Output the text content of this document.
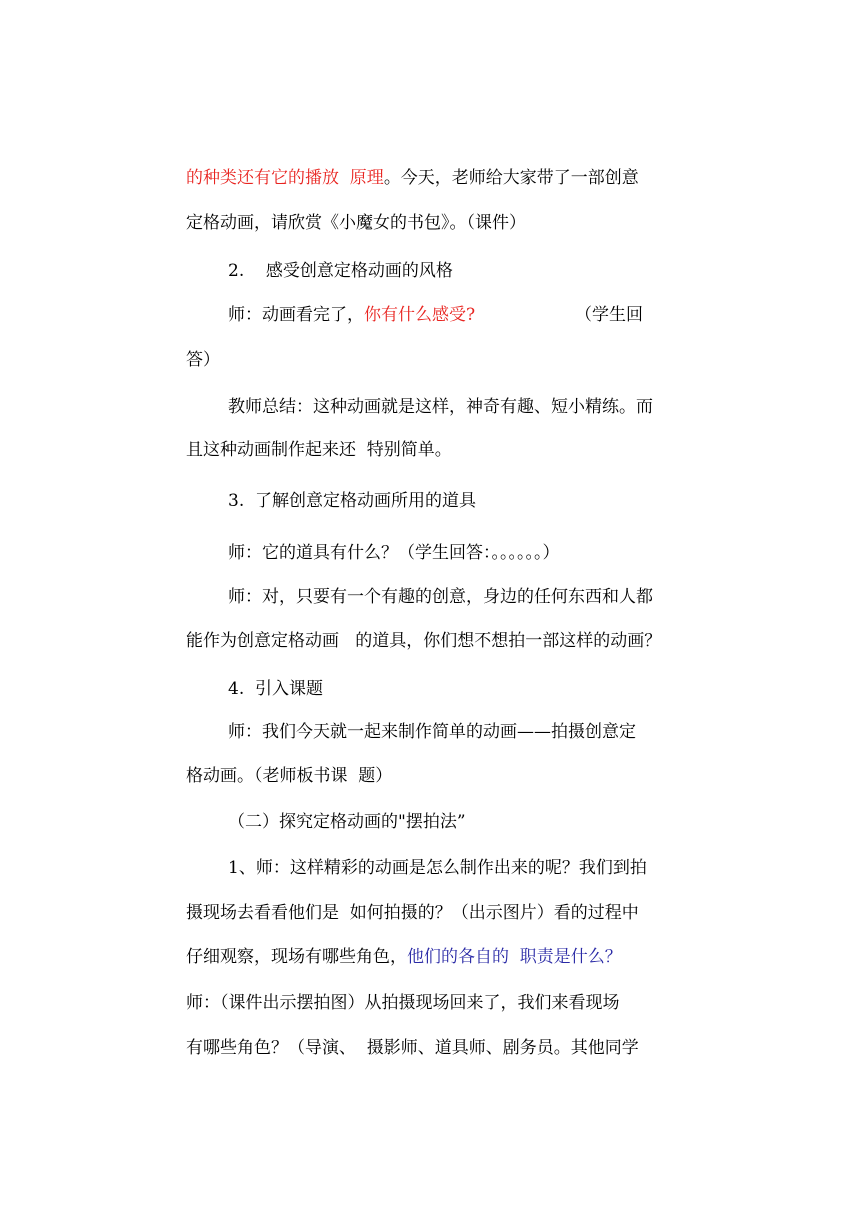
的种类还有它的播放  原理。今天，老师给大家带了一部创意
定格动画，请欣赏《小魔女的书包》。（课件）
2.    感受创意定格动画的风格
师：动画看完了，你有什么感受?	（学生回
答）
教师总结：这种动画就是这样，神奇有趣、短小精练。而
且这种动画制作起来还  特别简单。
3.  了解创意定格动画所用的道具
师：它的道具有什么？（学生回答：。。。。。。）
师：对，只要有一个有趣的创意，身边的任何东西和人都
能作为创意定格动画   的道具，你们想不想拍一部这样的动画？
4.  引入课题
师：我们今天就一起来制作简单的动画——拍摄创意定
格动画。（老师板书课  题）
（二）探究定格动画的"摆拍法”
1、师：这样精彩的动画是怎么制作出来的呢？我们到拍
摄现场去看看他们是  如何拍摄的？（出示图片）看的过程中
仔细观察，现场有哪些角色，他们的各自的  职责是什么？
师：（课件出示摆拍图）从拍摄现场回来了，我们来看现场
有哪些角色？（导演、  摄影师、道具师、剧务员。其他同学
